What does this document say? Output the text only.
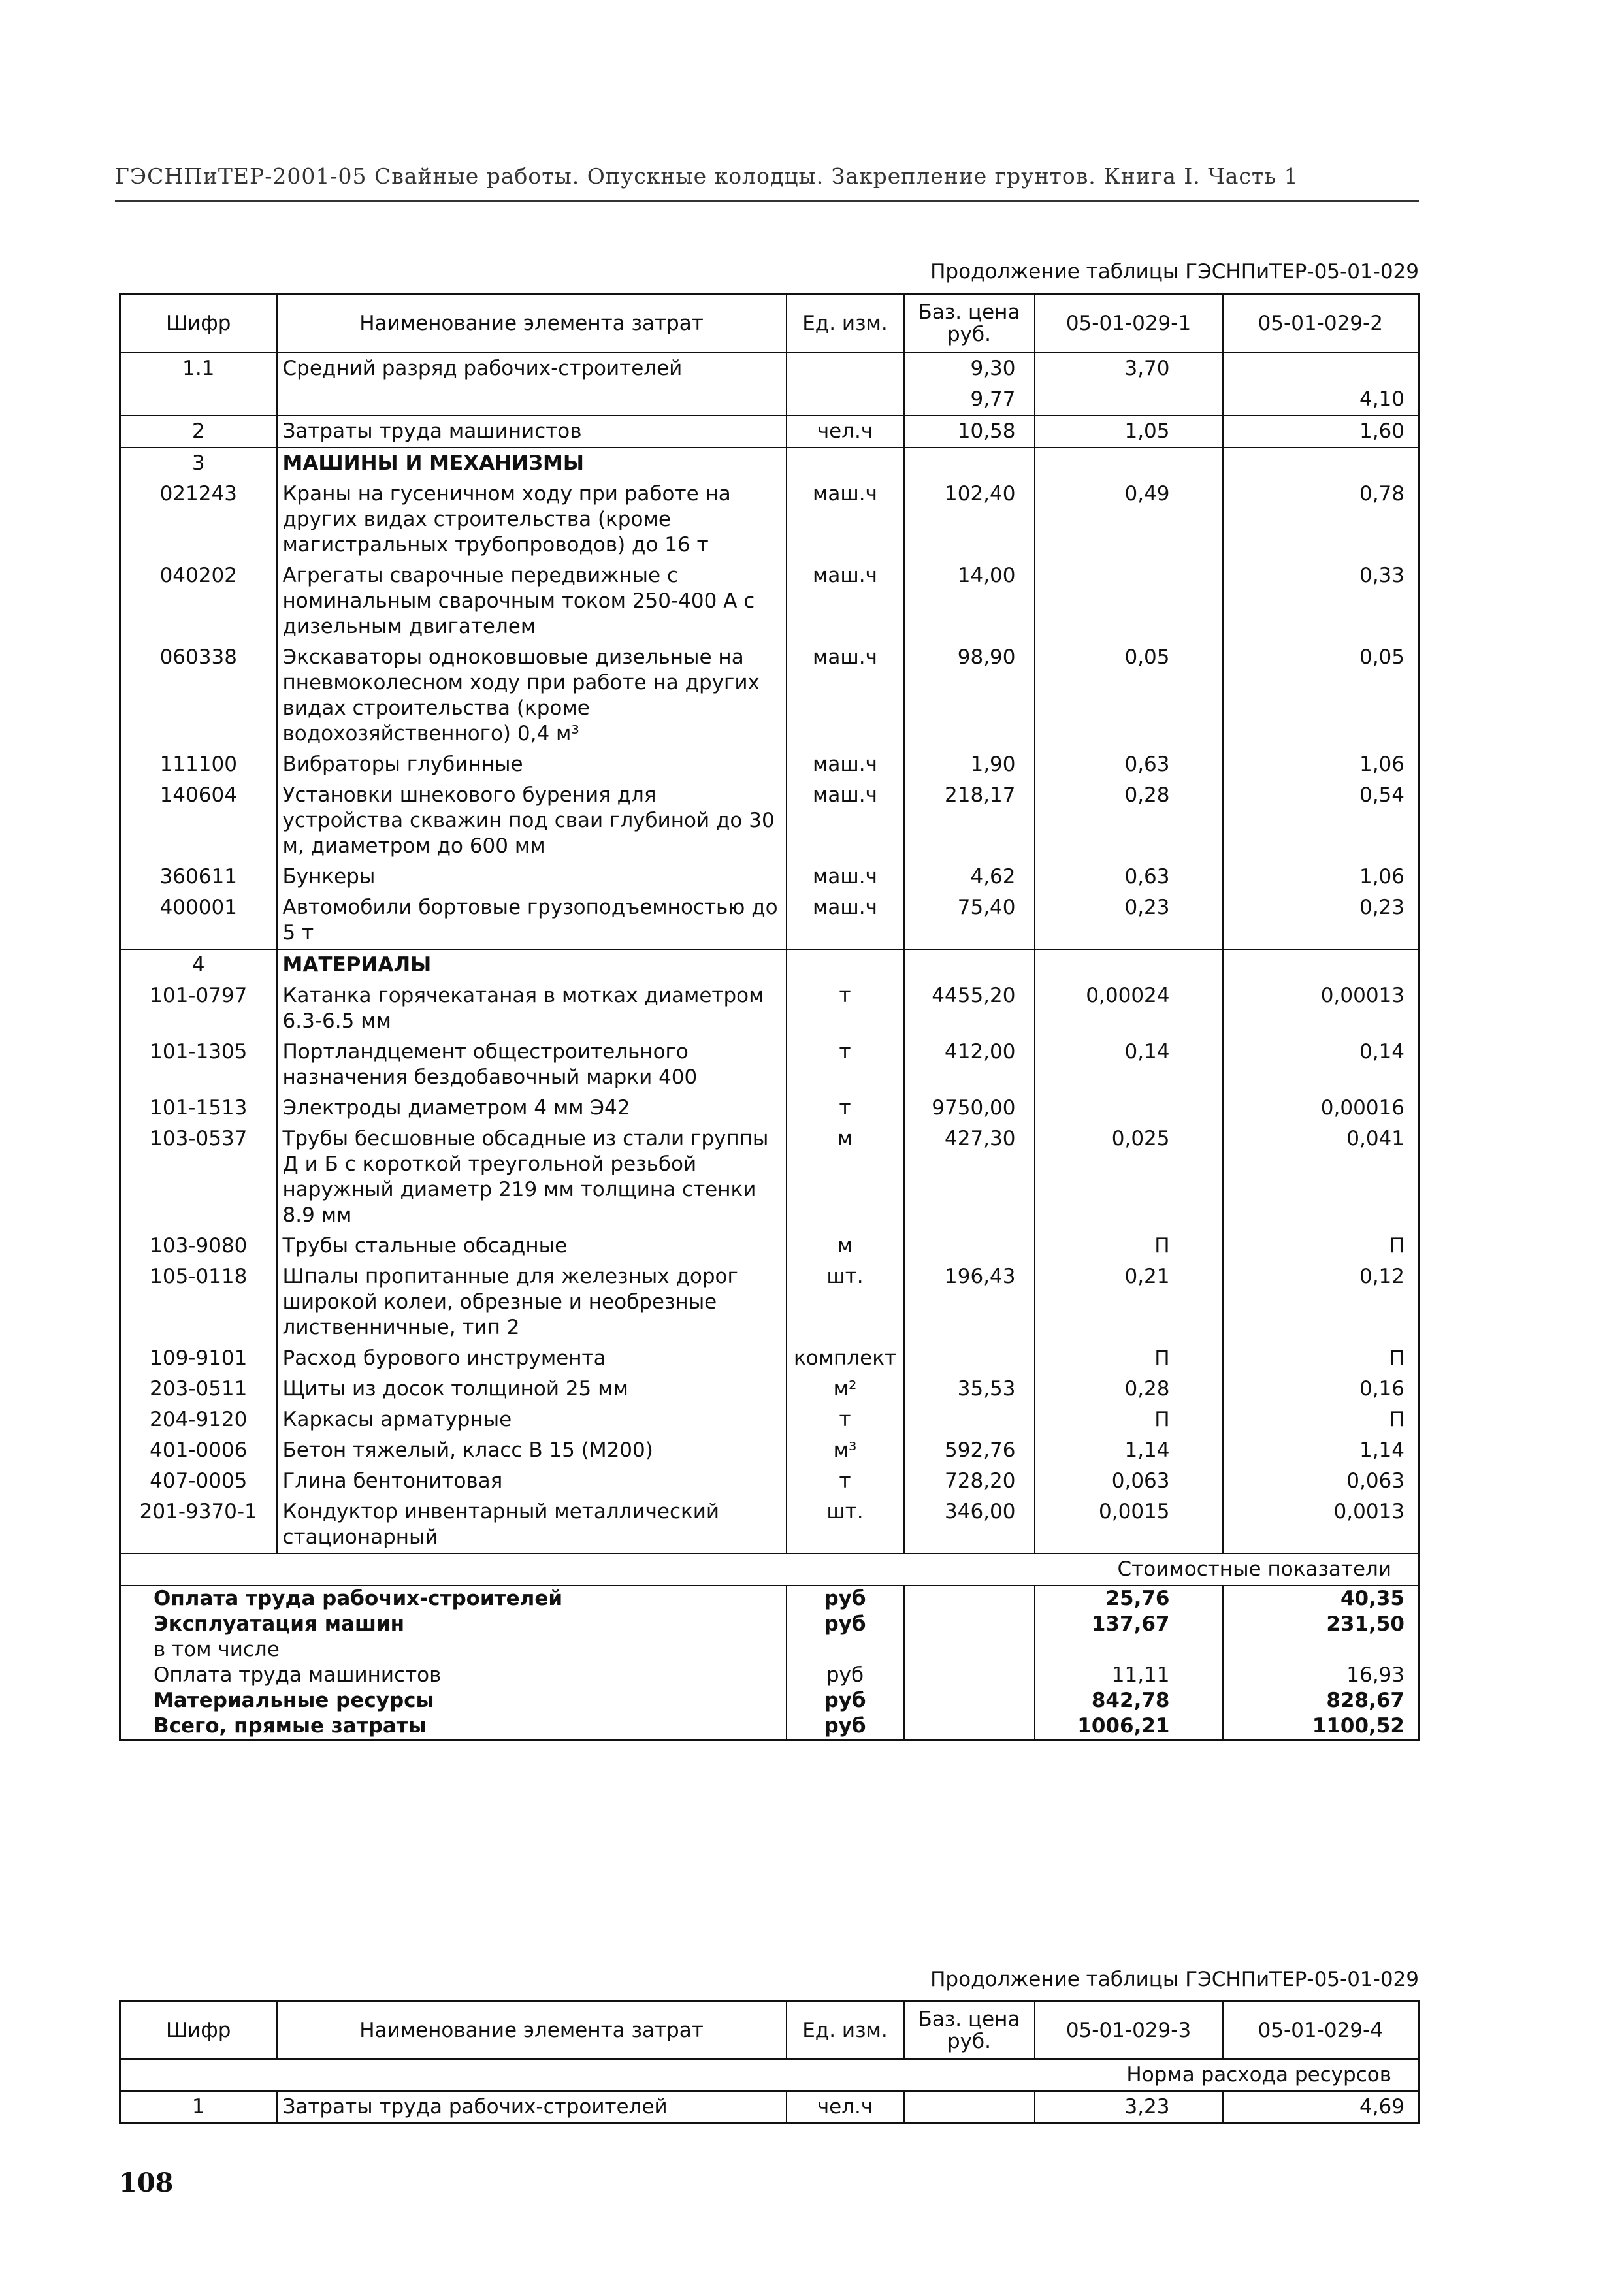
ГЭСНПиТЕР-2001-05 Свайные работы. Опускные колодцы. Закрепление грунтов. Книга I. Часть 1
Продолжение таблицы ГЭСНПиТЕР-05-01-029
Шифр	Наименование элемента затрат	Ед. изм.	Баз. цена руб.	05-01-029-1	05-01-029-2
1.1	Средний разряд рабочих-строителей		9,30	3,70	
			9,77		4,10
2	Затраты труда машинистов	чел.ч	10,58	1,05	1,60
3	МАШИНЫ И МЕХАНИЗМЫ				
021243	Краны на гусеничном ходу при работе на других видах строительства (кроме магистральных трубопроводов) до 16 т	маш.ч	102,40	0,49	0,78
040202	Агрегаты сварочные передвижные с номинальным сварочным током 250-400 А с дизельным двигателем	маш.ч	14,00		0,33
060338	Экскаваторы одноковшовые дизельные на пневмоколесном ходу при работе на других видах строительства (кроме водохозяйственного) 0,4 м³	маш.ч	98,90	0,05	0,05
111100	Вибраторы глубинные	маш.ч	1,90	0,63	1,06
140604	Установки шнекового бурения для устройства скважин под сваи глубиной до 30 м, диаметром до 600 мм	маш.ч	218,17	0,28	0,54
360611	Бункеры	маш.ч	4,62	0,63	1,06
400001	Автомобили бортовые грузоподъемностью до 5 т	маш.ч	75,40	0,23	0,23
4	МАТЕРИАЛЫ				
101-0797	Катанка горячекатаная в мотках диаметром 6.3-6.5 мм	т	4455,20	0,00024	0,00013
101-1305	Портландцемент общестроительного назначения бездобавочный марки 400	т	412,00	0,14	0,14
101-1513	Электроды диаметром 4 мм Э42	т	9750,00		0,00016
103-0537	Трубы бесшовные обсадные из стали группы Д и Б с короткой треугольной резьбой наружный диаметр 219 мм толщина стенки 8.9 мм	м	427,30	0,025	0,041
103-9080	Трубы стальные обсадные	м		П	П
105-0118	Шпалы пропитанные для железных дорог широкой колеи, обрезные и необрезные лиственничные, тип 2	шт.	196,43	0,21	0,12
109-9101	Расход бурового инструмента	комплект		П	П
203-0511	Щиты из досок толщиной 25 мм	м²	35,53	0,28	0,16
204-9120	Каркасы арматурные	т		П	П
401-0006	Бетон тяжелый, класс В 15 (М200)	м³	592,76	1,14	1,14
407-0005	Глина бентонитовая	т	728,20	0,063	0,063
201-9370-1	Кондуктор инвентарный металлический стационарный	шт.	346,00	0,0015	0,0013
Стоимостные показатели					
Оплата труда рабочих-строителей		руб		25,76	40,35
Эксплуатация машин		руб		137,67	231,50
в том числе					
Оплата труда машинистов		руб		11,11	16,93
Материальные ресурсы		руб		842,78	828,67
Всего, прямые затраты		руб		1006,21	1100,52
Продолжение таблицы ГЭСНПиТЕР-05-01-029
Шифр	Наименование элемента затрат	Ед. изм.	Баз. цена руб.	05-01-029-3	05-01-029-4
Норма расхода ресурсов					
1	Затраты труда рабочих-строителей	чел.ч		3,23	4,69
108
